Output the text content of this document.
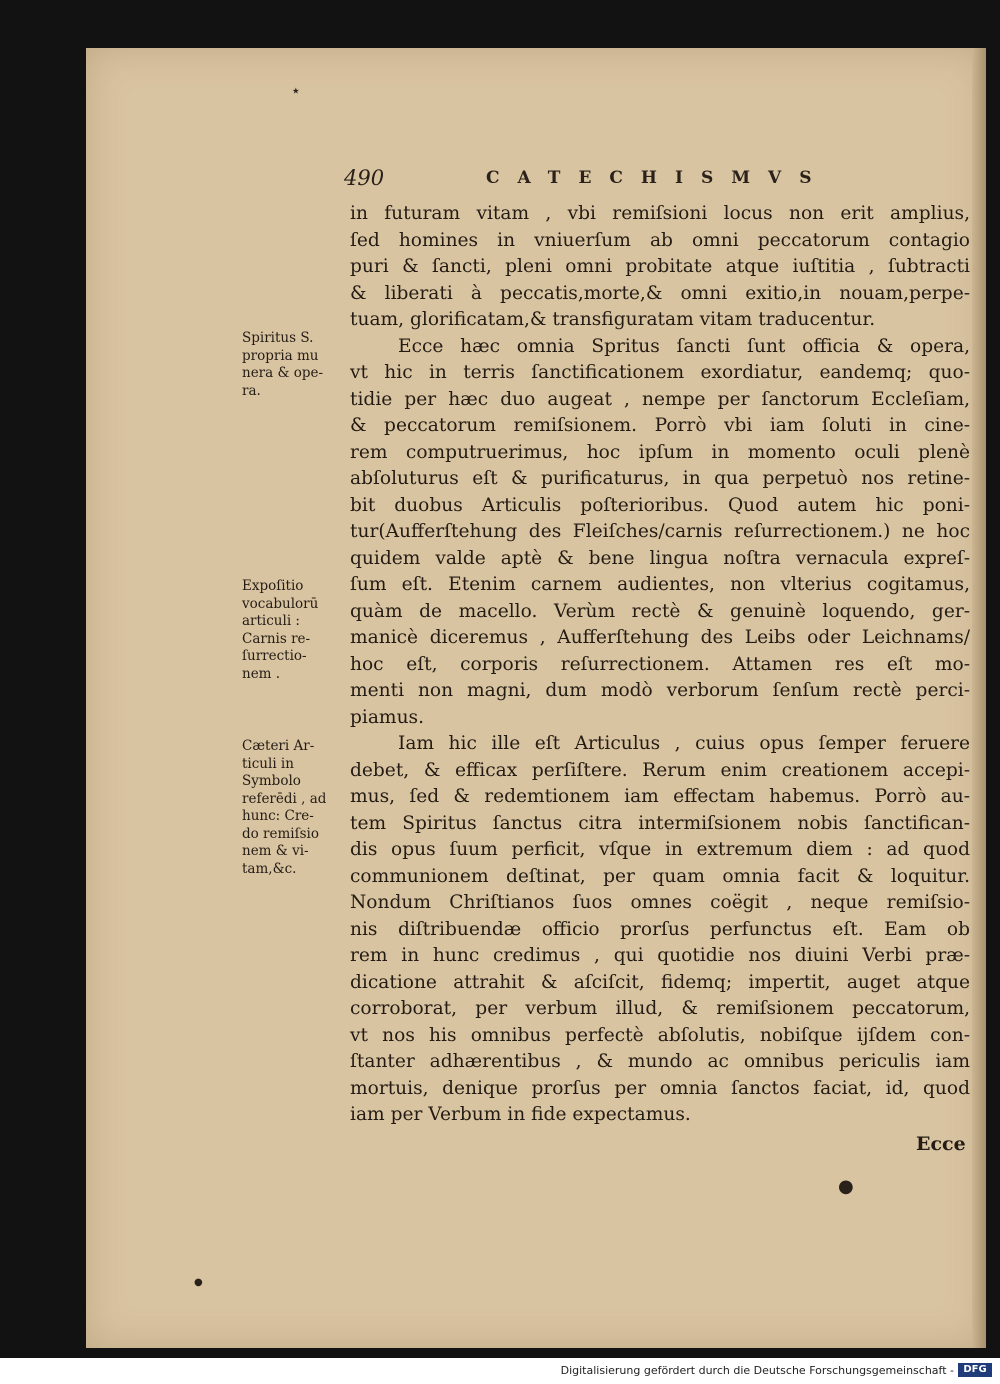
٭
490	CATECHISMVS
Spiritus S.
propria mu
nera & ope-
ra.
Expoſitio
vocabulorū
articuli :
Carnis re-
ſurrectio-
nem .
Cæteri Ar-
ticuli in
Symbolo
referēdi , ad
hunc: Cre-
do remiſsio
nem & vi-
tam,&c.
in futuram vitam , vbi remiſsioni locus non erit amplius,
ſed homines in vniuerſum ab omni peccatorum contagio
puri & ſancti, pleni omni probitate atque iuſtitia , ſubtracti
& liberati à peccatis,morte,& omni exitio,in nouam,perpe-
tuam, glorificatam,& transfiguratam vitam traducentur.
Ecce hæc omnia Spritus ſancti ſunt officia & opera,
vt hic in terris ſanctificationem exordiatur, eandemq; quo-
tidie per hæc duo augeat , nempe per ſanctorum Eccleſiam,
& peccatorum remiſsionem. Porrò vbi iam ſoluti in cine-
rem computruerimus, hoc ipſum in momento oculi plenè
abſoluturus eſt & purificaturus, in qua perpetuò nos retine-
bit duobus Articulis poſterioribus. Quod autem hic poni-
tur(Aufferſtehung des Fleiſches/carnis reſurrectionem.) ne hoc
quidem valde aptè & bene lingua noſtra vernacula expreſ-
ſum eſt. Etenim carnem audientes, non vlterius cogitamus,
quàm de macello. Verùm rectè & genuinè loquendo, ger-
manicè diceremus , Aufferſtehung des Leibs oder Leichnams/
hoc eſt, corporis reſurrectionem. Attamen res eſt mo-
menti non magni, dum modò verborum ſenſum rectè perci-
piamus.
Iam hic ille eſt Articulus , cuius opus ſemper feruere
debet, & efficax perſiſtere. Rerum enim creationem accepi-
mus, ſed & redemtionem iam effectam habemus. Porrò au-
tem Spiritus ſanctus citra intermiſsionem nobis ſanctifican-
dis opus ſuum perficit, vſque in extremum diem : ad quod
communionem deſtinat, per quam omnia facit & loquitur.
Nondum Chriſtianos ſuos omnes coëgit , neque remiſsio-
nis diſtribuendæ officio prorſus perfunctus eſt. Eam ob
rem in hunc credimus , qui quotidie nos diuini Verbi præ-
dicatione attrahit & aſciſcit, fidemq; impertit, auget atque
corroborat, per verbum illud, & remiſsionem peccatorum,
vt nos his omnibus perfectè abſolutis, nobiſque ijſdem con-
ſtanter adhærentibus , & mundo ac omnibus periculis iam
mortuis, denique prorſus per omnia ſanctos faciat, id, quod
iam per Verbum in fide expectamus.
Ecce
●
●
Digitalisierung gefördert durch die Deutsche Forschungsgemeinschaft - DFG
